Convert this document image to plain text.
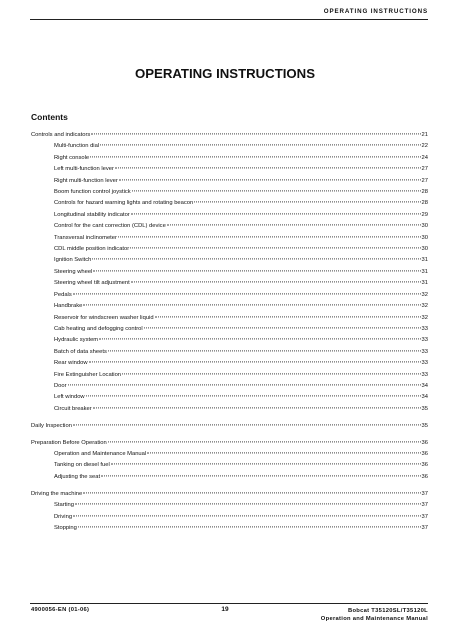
OPERATING INSTRUCTIONS
OPERATING INSTRUCTIONS
Contents
Controls and indicators	21
Multi-function dial	22
Right console	24
Left multi-function lever	27
Right multi-function lever	27
Boom function control joystick	28
Controls for hazard warning lights and rotating beacon	28
Longitudinal stability indicator	29
Control for the cant correction (CDL) device	30
Transversal inclinometer	30
CDL middle position indicator	30
Ignition Switch	31
Steering wheel	31
Steering wheel tilt adjustment	31
Pedals	32
Handbrake	32
Reservoir for windscreen washer liquid	32
Cab heating and defogging control	33
Hydraulic system	33
Batch of data sheets	33
Rear window	33
Fire Extinguisher Location	33
Door	34
Left window	34
Circuit breaker	35
Daily Inspection	35
Preparation Before Operation	36
Operation and Maintenance Manual	36
Tanking on diesel fuel	36
Adjusting the seat	36
Driving the machine	37
Starting	37
Driving	37
Stopping	37
4900056-EN (01-06)	19	Bobcat T35120SL/T35120L
Operation and Maintenance Manual
